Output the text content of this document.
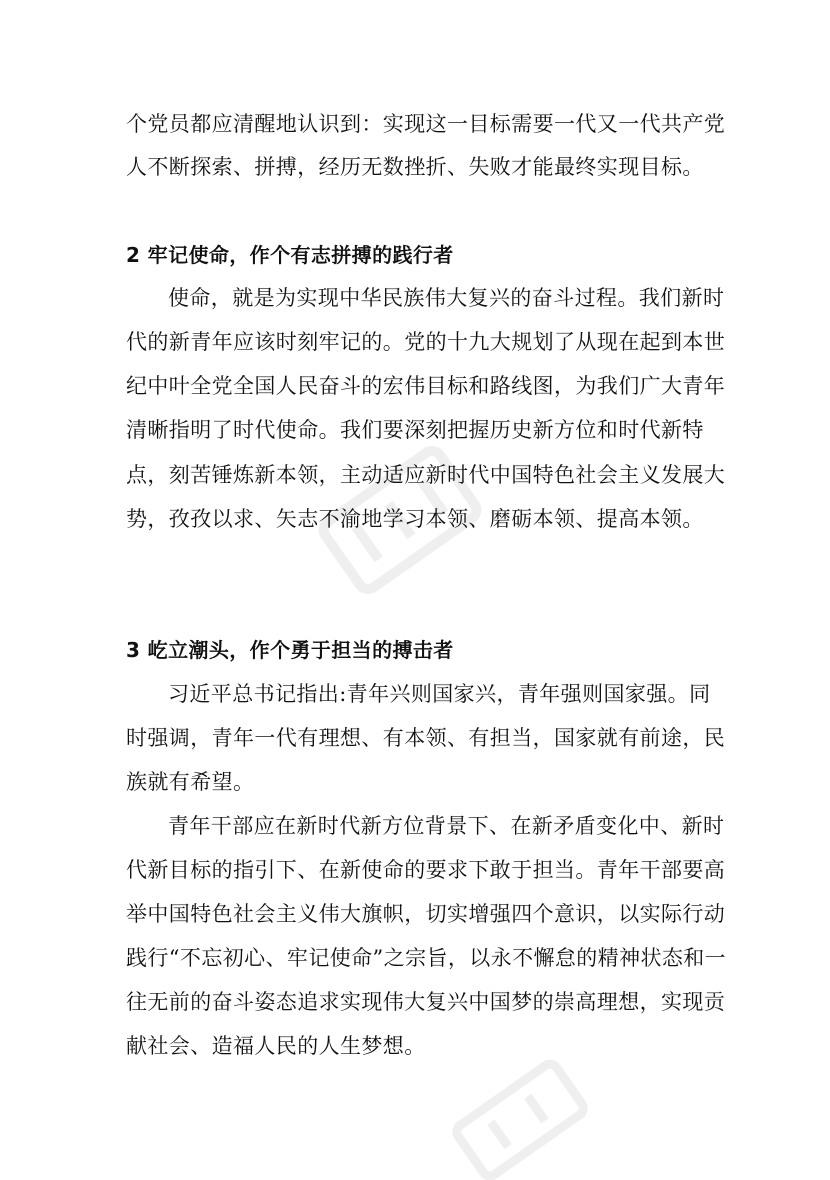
个党员都应清醒地认识到：实现这一目标需要一代又一代共产党
人不断探索、拼搏，经历无数挫折、失败才能最终实现目标。
2 牢记使命，作个有志拼搏的践行者
使命，就是为实现中华民族伟大复兴的奋斗过程。我们新时
代的新青年应该时刻牢记的。党的十九大规划了从现在起到本世
纪中叶全党全国人民奋斗的宏伟目标和路线图，为我们广大青年
清晰指明了时代使命。我们要深刻把握历史新方位和时代新特
点，刻苦锤炼新本领，主动适应新时代中国特色社会主义发展大
势，孜孜以求、矢志不渝地学习本领、磨砺本领、提高本领。
3 屹立潮头，作个勇于担当的搏击者
习近平总书记指出:青年兴则国家兴，青年强则国家强。同
时强调，青年一代有理想、有本领、有担当，国家就有前途，民
族就有希望。
青年干部应在新时代新方位背景下、在新矛盾变化中、新时
代新目标的指引下、在新使命的要求下敢于担当。青年干部要高
举中国特色社会主义伟大旗帜，切实增强四个意识，以实际行动
践行“不忘初心、牢记使命”之宗旨，以永不懈怠的精神状态和一
往无前的奋斗姿态追求实现伟大复兴中国梦的崇高理想，实现贡
献社会、造福人民的人生梦想。
